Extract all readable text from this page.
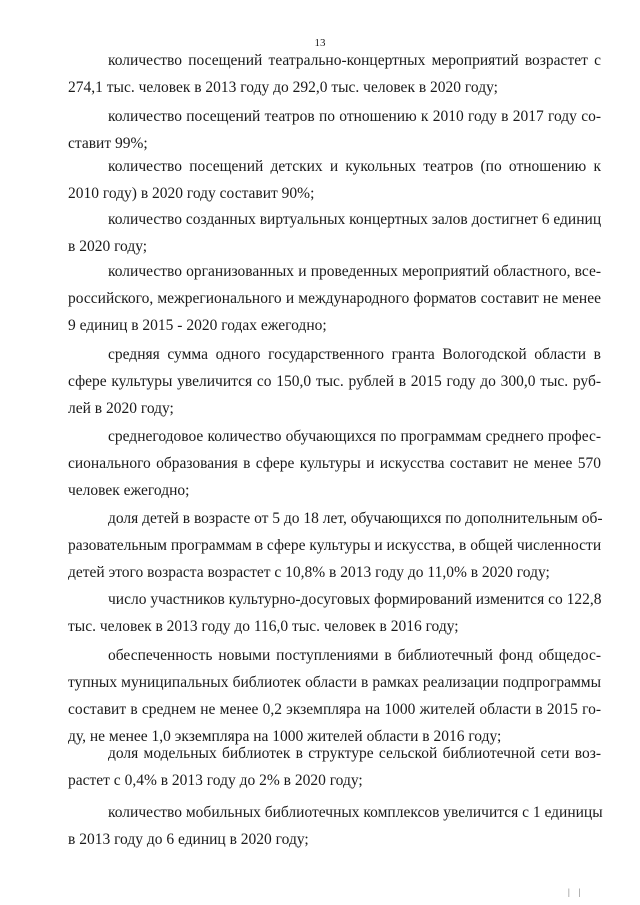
13
количество посещений театрально-концертных мероприятий возрастет с
274,1 тыс. человек в 2013 году до 292,0 тыс. человек в 2020 году;
количество посещений театров по отношению к 2010 году в 2017 году со-
ставит 99%;
количество посещений детских и кукольных театров (по отношению к
2010 году) в 2020 году составит 90%;
количество созданных виртуальных концертных залов достигнет 6 единиц
в 2020 году;
количество организованных и проведенных мероприятий областного, все-
российского, межрегионального и международного форматов составит не менее
9 единиц в 2015 - 2020 годах ежегодно;
средняя сумма одного государственного гранта Вологодской области в
сфере культуры увеличится со 150,0 тыс. рублей в 2015 году до 300,0 тыс. руб-
лей в 2020 году;
среднегодовое количество обучающихся по программам среднего профес-
сионального образования в сфере культуры и искусства составит не менее 570
человек ежегодно;
доля детей в возрасте от 5 до 18 лет, обучающихся по дополнительным об-
разовательным программам в сфере культуры и искусства, в общей численности
детей этого возраста возрастет с 10,8% в 2013 году до 11,0% в 2020 году;
число участников культурно-досуговых формирований изменится со 122,8
тыс. человек в 2013 году до 116,0 тыс. человек в 2016 году;
обеспеченность новыми поступлениями в библиотечный фонд общедос-
тупных муниципальных библиотек области в рамках реализации подпрограммы
составит в среднем не менее 0,2 экземпляра на 1000 жителей области в 2015 го-
ду, не менее 1,0 экземпляра на 1000 жителей области в 2016 году;
доля модельных библиотек в структуре сельской библиотечной сети воз-
растет с 0,4% в 2013 году до 2% в 2020 году;
количество мобильных библиотечных комплексов увеличится с 1 единицы
в 2013 году до 6 единиц в 2020 году;
|    |
